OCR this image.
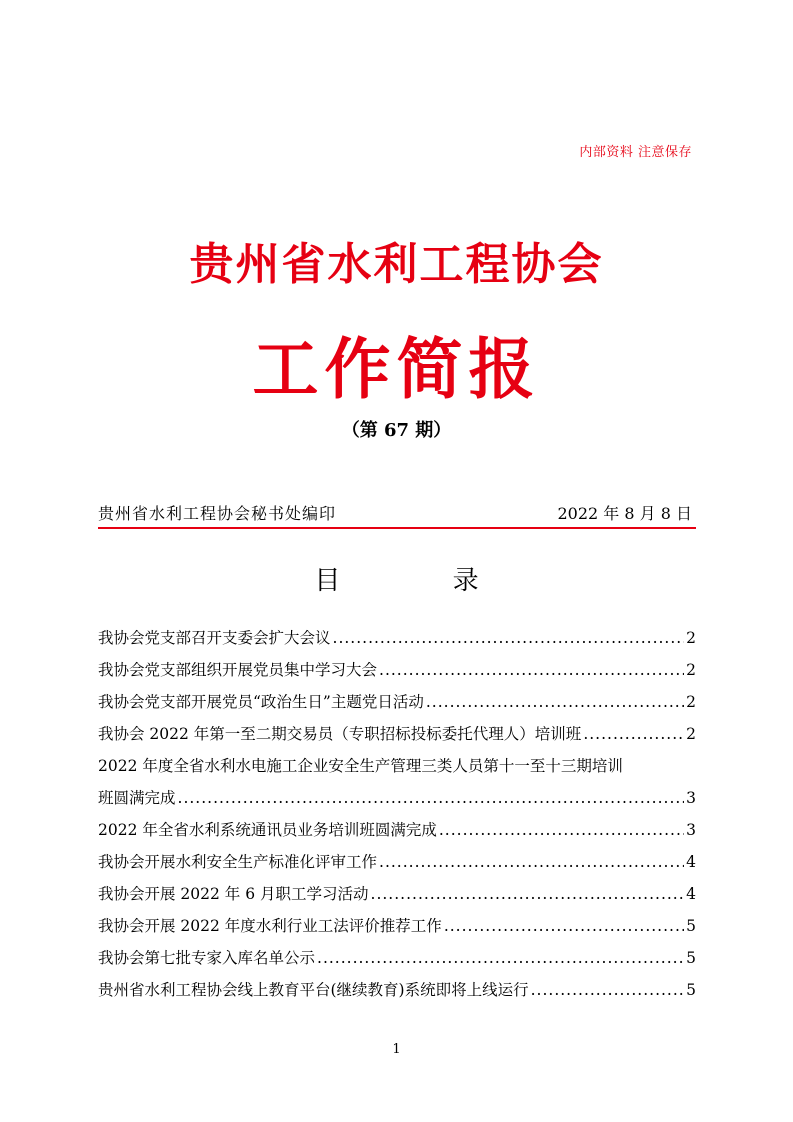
内部资料 注意保存
贵州省水利工程协会
工作简报
（第 67 期）
贵州省水利工程协会秘书处编印	2022 年 8 月 8 日
目 录
我协会党支部召开支委会扩大会议 .....	2
我协会党支部组织开展党员集中学习大会 .....	2
我协会党支部开展党员“政治生日”主题党日活动 .....	2
我协会 2022 年第一至二期交易员（专职招标投标委托代理人）培训班 .....	2
2022 年度全省水利水电施工企业安全生产管理三类人员第十一至十三期培训
班圆满完成 .....	3
2022 年全省水利系统通讯员业务培训班圆满完成 .....	3
我协会开展水利安全生产标准化评审工作 .....	4
我协会开展 2022 年 6 月职工学习活动 .....	4
我协会开展 2022 年度水利行业工法评价推荐工作 .....	5
我协会第七批专家入库名单公示 .....	5
贵州省水利工程协会线上教育平台(继续教育)系统即将上线运行 .....	5
1
